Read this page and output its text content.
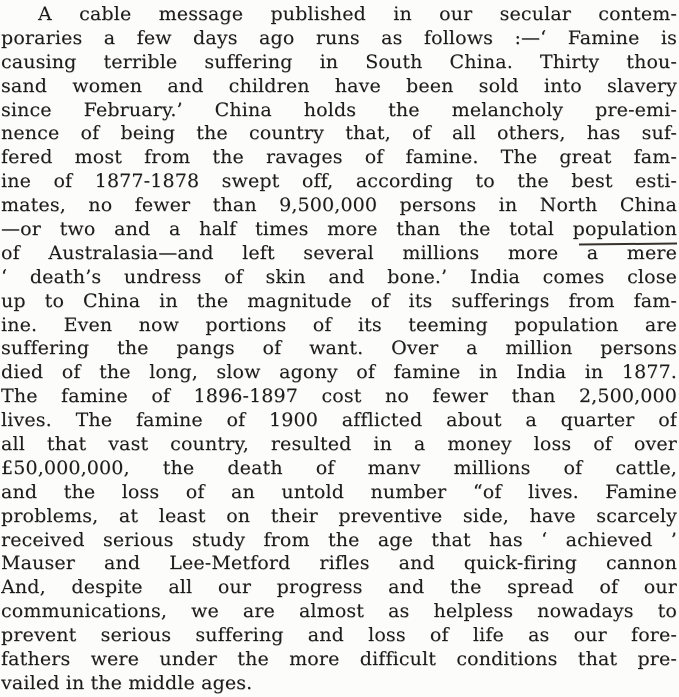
A cable message published in our secular contem-
poraries a few days ago runs as follows :—‘ Famine is
causing terrible suffering in South China. Thirty thou-
sand women and children have been sold into slavery
since February.’ China holds the melancholy pre-emi-
nence of being the country that, of all others, has suf-
fered most from the ravages of famine. The great fam-
ine of 1877-1878 swept off, according to the best esti-
mates, no fewer than 9,500,000 persons in North China
—or two and a half times more than the total population
of Australasia—and left several millions more a mere
‘ death’s undress of skin and bone.’ India comes close
up to China in the magnitude of its sufferings from fam-
ine. Even now portions of its teeming population are
suffering the pangs of want. Over a million persons
died of the long, slow agony of famine in India in 1877.
The famine of 1896-1897 cost no fewer than 2,500,000
lives. The famine of 1900 afflicted about a quarter of
all that vast country, resulted in a money loss of over
£50,000,000, the death of manv millions of cattle,
and the loss of an untold number “of lives. Famine
problems, at least on their preventive side, have scarcely
received serious study from the age that has ‘ achieved ’
Mauser and Lee-Metford rifles and quick-firing cannon
And, despite all our progress and the spread of our
communications, we are almost as helpless nowadays to
prevent serious suffering and loss of life as our fore-
fathers were under the more difficult conditions that pre-
vailed in the middle ages.
